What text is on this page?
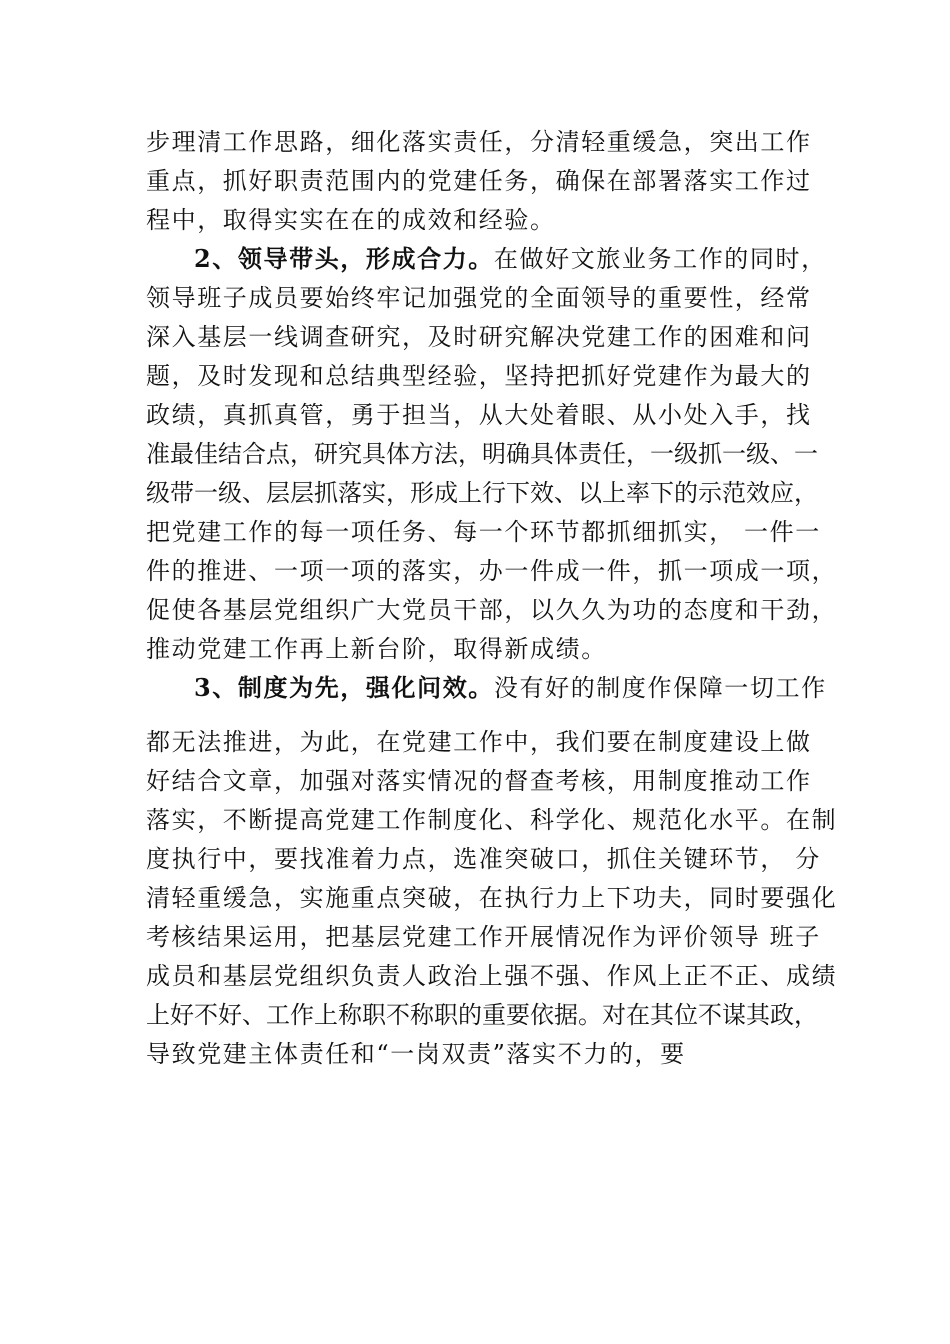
步理清工作思路，细化落实责任，分清轻重缓急，突出工作
重点，抓好职责范围内的党建任务，确保在部署落实工作过
程中，取得实实在在的成效和经验。
2、领导带头，形成合力。在做好文旅业务工作的同时，
领导班子成员要始终牢记加强党的全面领导的重要性，经常
深入基层一线调查研究，及时研究解决党建工作的困难和问
题，及时发现和总结典型经验，坚持把抓好党建作为最大的
政绩，真抓真管，勇于担当，从大处着眼、从小处入手，找
准最佳结合点，研究具体方法，明确具体责任，一级抓一级、一
级带一级、层层抓落实，形成上行下效、以上率下的示范效应，
把党建工作的每一项任务、每一个环节都抓细抓实， 一件一
件的推进、一项一项的落实，办一件成一件，抓一项成一项，
促使各基层党组织广大党员干部，以久久为功的态度和干劲，
推动党建工作再上新台阶，取得新成绩。
3、制度为先，强化问效。没有好的制度作保障一切工作
都无法推进，为此，在党建工作中，我们要在制度建设上做
好结合文章，加强对落实情况的督查考核，用制度推动工作
落实，不断提高党建工作制度化、科学化、规范化水平。在制
度执行中，要找准着力点，选准突破口，抓住关键环节， 分
清轻重缓急，实施重点突破，在执行力上下功夫，同时要强化
考核结果运用，把基层党建工作开展情况作为评价领导 班子
成员和基层党组织负责人政治上强不强、作风上正不正、成绩
上好不好、工作上称职不称职的重要依据。对在其位不谋其政，
导致党建主体责任和“一岗双责”落实不力的，要
